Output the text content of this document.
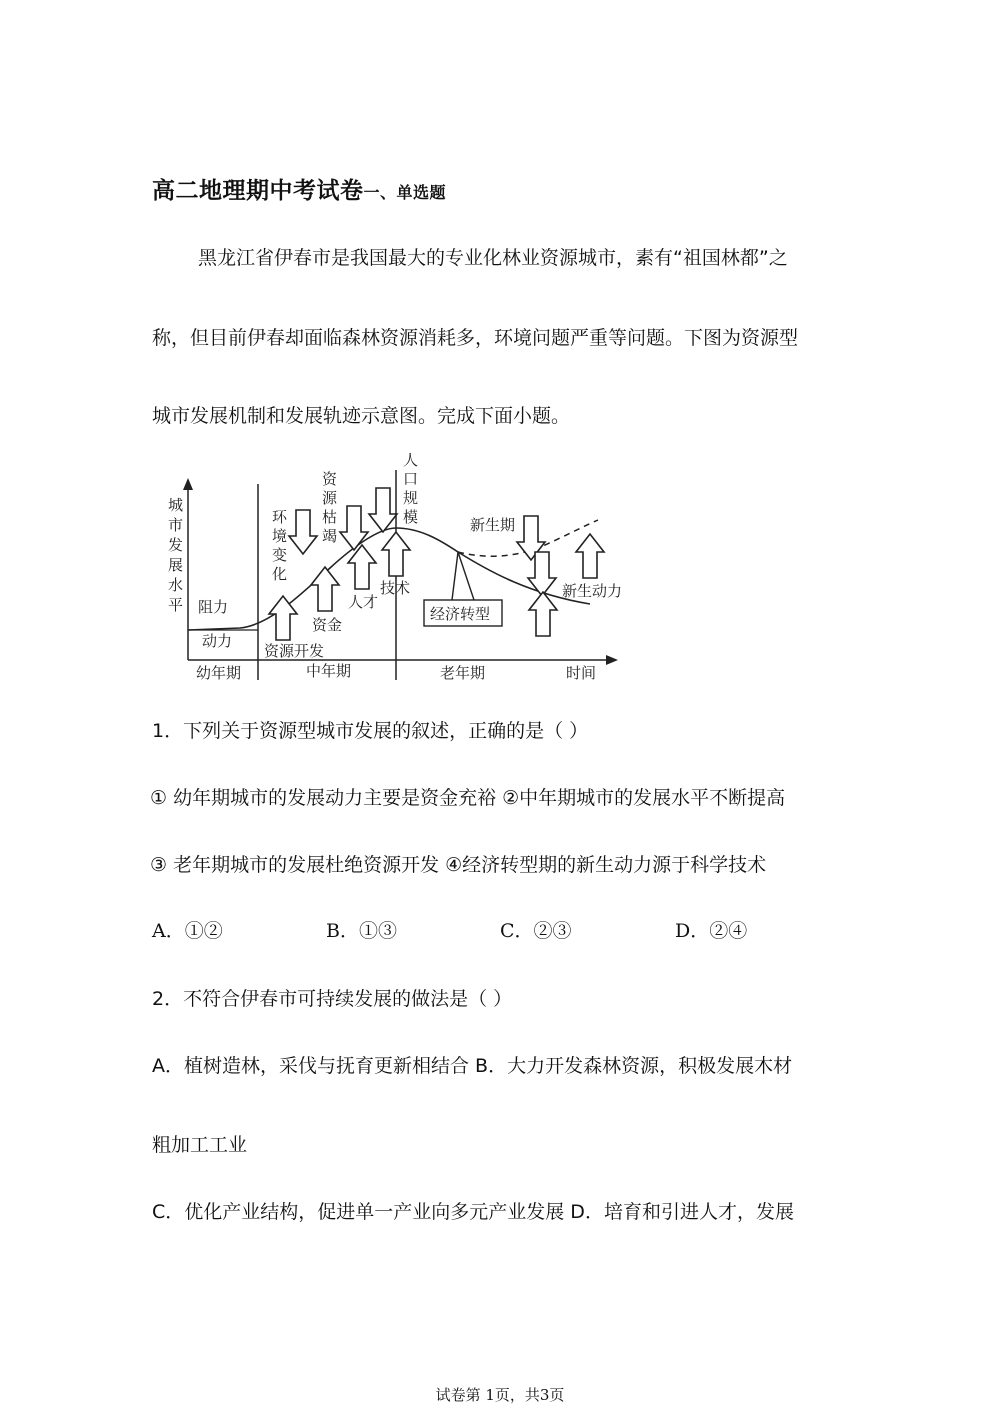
高二地理期中考试卷一、单选题
黑龙江省伊春市是我国最大的专业化林业资源城市，素有“祖国林都”之
称，但目前伊春却面临森林资源消耗多，环境问题严重等问题。下图为资源型
城市发展机制和发展轨迹示意图。完成下面小题。
城
市
发
展
水
平 阻力
动力
环
境
变
化
资
源
枯
竭
人
口
规
模
资源开发
资金
人才
技术
经济转型
新生期
新生动力
幼年期	中年期	老年期	时间
1．下列关于资源型城市发展的叙述，正确的是（ ）
① 幼年期城市的发展动力主要是资金充裕 ②中年期城市的发展水平不断提高
③ 老年期城市的发展杜绝资源开发 ④经济转型期的新生动力源于科学技术
A．①②	B．①③	C．②③	D．②④
2．不符合伊春市可持续发展的做法是（ ）
A．植树造林，采伐与抚育更新相结合 B．大力开发森林资源，积极发展木材
粗加工工业
C．优化产业结构，促进单一产业向多元产业发展 D．培育和引进人才，发展
试卷第 1页，共3页
